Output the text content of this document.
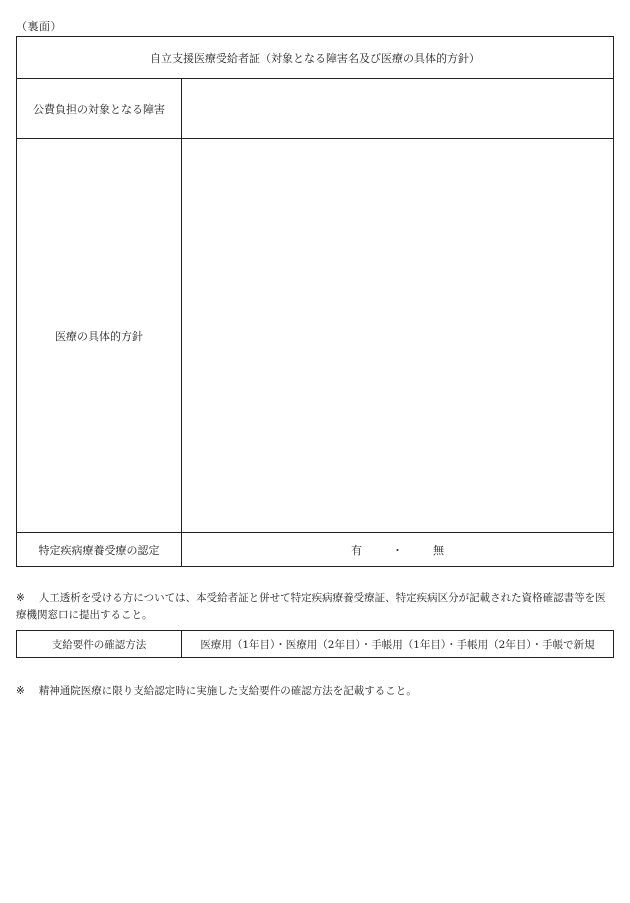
（裏面）
自立支援医療受給者証（対象となる障害名及び医療の具体的方針）
公費負担の対象となる障害
医療の具体的方針
特定疾病療養受療の認定	有	・	無
※ 人工透析を受ける方については、本受給者証と併せて特定疾病療養受療証、特定疾病区分が記載された資格確認書等を医療機関窓口に提出すること。
支給要件の確認方法	医療用（1年目）・医療用（2年目）・手帳用（1年目）・手帳用（2年目）・手帳で新規
※ 精神通院医療に限り支給認定時に実施した支給要件の確認方法を記載すること。
